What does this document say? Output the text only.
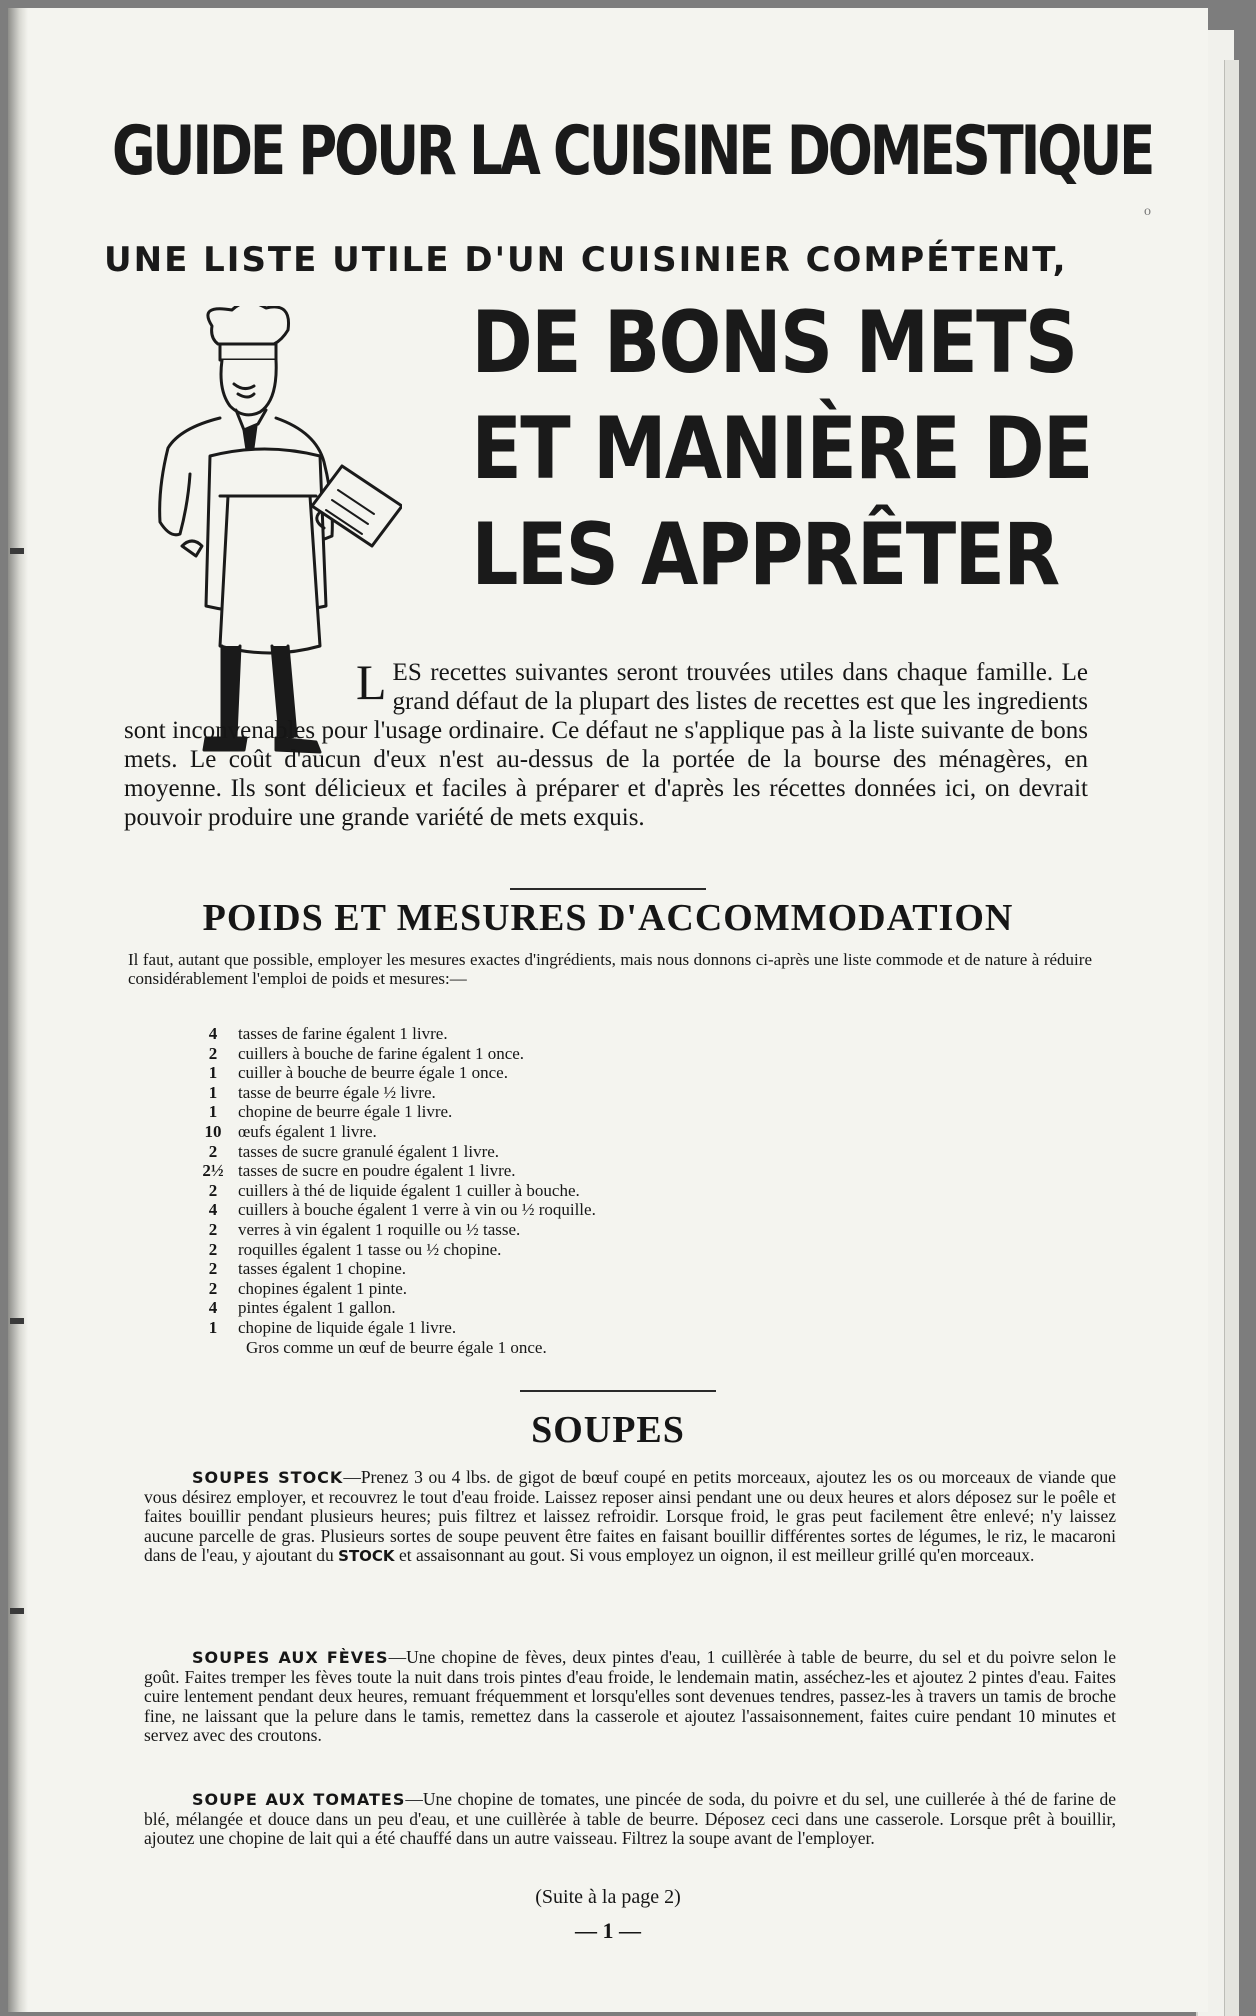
o
GUIDE POUR LA CUISINE DOMESTIQUE
UNE LISTE UTILE D'UN CUISINIER COMPÉTENT,
DE BONS METS
ET MANIÈRE DE
LES APPRÊTER
L ES recettes suivantes seront trouvées utiles dans chaque famille. Le grand défaut de la plupart des listes de recettes est que les ingredients sont inconvenables pour l'usage ordinaire. Ce défaut ne s'applique pas à la liste suivante de bons mets. Le coût d'aucun d'eux n'est au-dessus de la portée de la bourse des ménagères, en moyenne. Ils sont délicieux et faciles à préparer et d'après les récettes données ici, on devrait pouvoir produire une grande variété de mets exquis.
POIDS ET MESURES D'ACCOMMODATION
Il faut, autant que possible, employer les mesures exactes d'ingrédients, mais nous donnons ci-après une liste commode et de nature à réduire considérablement l'emploi de poids et mesures:—
4	tasses de farine égalent 1 livre.
2	cuillers à bouche de farine égalent 1 once.
1	cuiller à bouche de beurre égale 1 once.
1	tasse de beurre égale ½ livre.
1	chopine de beurre égale 1 livre.
10 œufs égalent 1 livre.
2	tasses de sucre granulé égalent 1 livre.
2½ tasses de sucre en poudre égalent 1 livre.
2	cuillers à thé de liquide égalent 1 cuiller à bouche.
4	cuillers à bouche égalent 1 verre à vin ou ½ roquille.
2	verres à vin égalent 1 roquille ou ½ tasse.
2	roquilles égalent 1 tasse ou ½ chopine.
2	tasses égalent 1 chopine.
2	chopines égalent 1 pinte.
4	pintes égalent 1 gallon.
1	chopine de liquide égale 1 livre.
Gros comme un œuf de beurre égale 1 once.
SOUPES
SOUPES STOCK—Prenez 3 ou 4 lbs. de gigot de bœuf coupé en petits morceaux, ajoutez les os ou morceaux de viande que vous désirez employer, et recouvrez le tout d'eau froide. Laissez reposer ainsi pendant une ou deux heures et alors déposez sur le poêle et faites bouillir pendant plusieurs heures; puis filtrez et laissez refroidir. Lorsque froid, le gras peut facilement être enlevé; n'y laissez aucune parcelle de gras. Plusieurs sortes de soupe peuvent être faites en faisant bouillir différentes sortes de légumes, le riz, le macaroni dans de l'eau, y ajoutant du STOCK et assaisonnant au gout. Si vous employez un oignon, il est meilleur grillé qu'en morceaux.
SOUPES AUX FÈVES—Une chopine de fèves, deux pintes d'eau, 1 cuillèrée à table de beurre, du sel et du poivre selon le goût. Faites tremper les fèves toute la nuit dans trois pintes d'eau froide, le lendemain matin, asséchez-les et ajoutez 2 pintes d'eau. Faites cuire lentement pendant deux heures, remuant fréquemment et lorsqu'elles sont devenues tendres, passez-les à travers un tamis de broche fine, ne laissant que la pelure dans le tamis, remettez dans la casserole et ajoutez l'assaisonnement, faites cuire pendant 10 minutes et servez avec des croutons.
SOUPE AUX TOMATES—Une chopine de tomates, une pincée de soda, du poivre et du sel, une cuillerée à thé de farine de blé, mélangée et douce dans un peu d'eau, et une cuillèrée à table de beurre. Déposez ceci dans une casserole. Lorsque prêt à bouillir, ajoutez une chopine de lait qui a été chauffé dans un autre vaisseau. Filtrez la soupe avant de l'employer.
(Suite à la page 2)
— 1 —
